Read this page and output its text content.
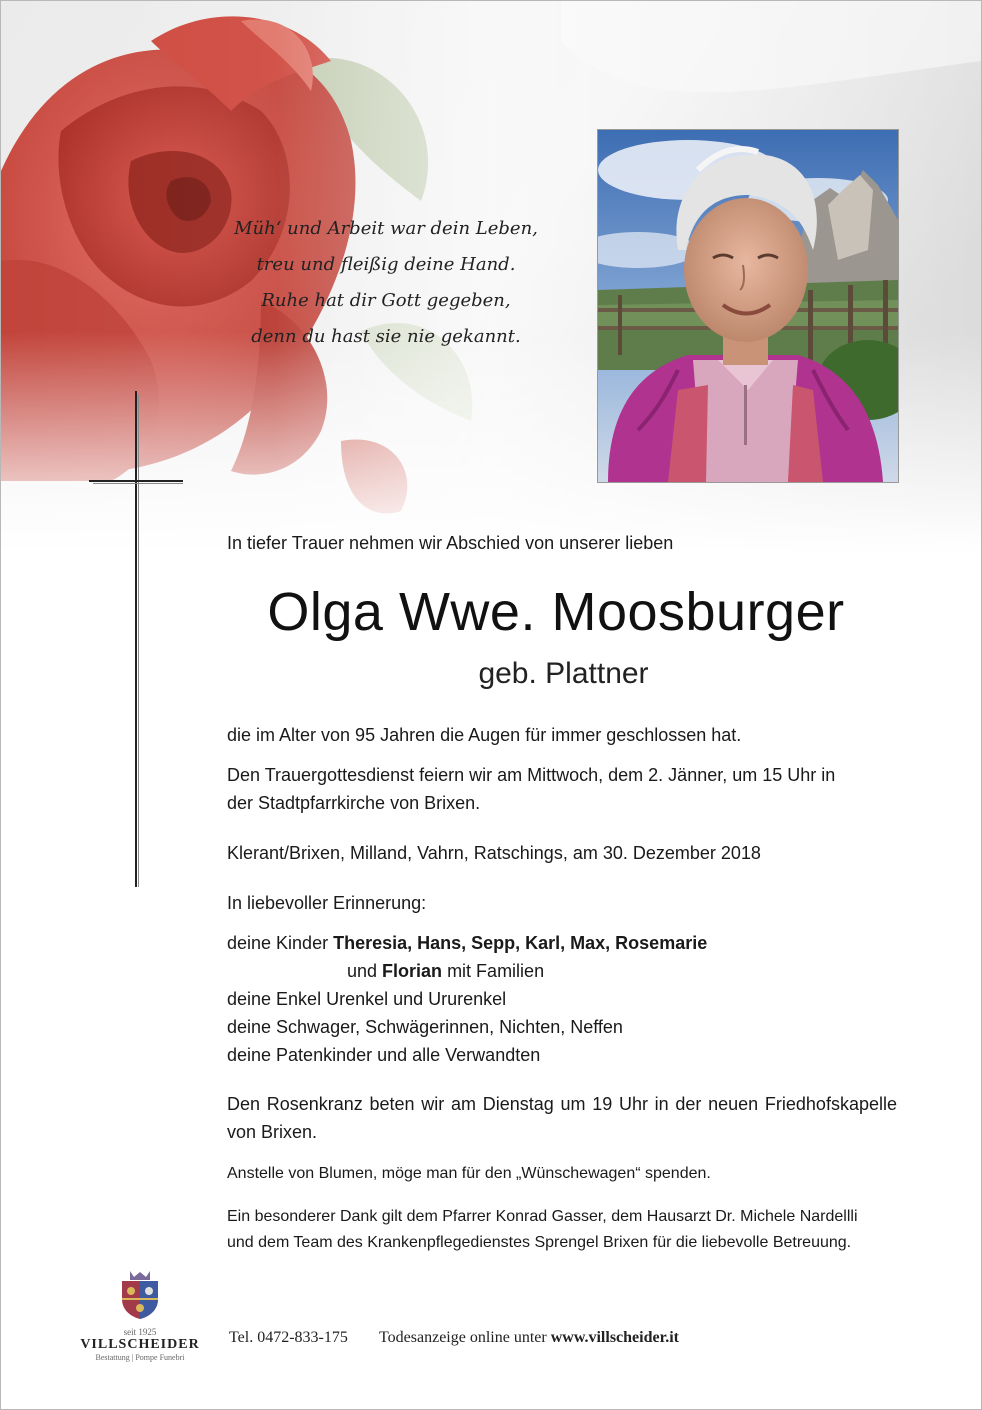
Müh‘ und Arbeit war dein Leben,
treu und fleißig deine Hand.
Ruhe hat dir Gott gegeben,
denn du hast sie nie gekannt.
In tiefer Trauer nehmen wir Abschied von unserer lieben
Olga Wwe. Moosburger
geb. Plattner
die im Alter von 95 Jahren die Augen für immer geschlossen hat.
Den Trauergottesdienst feiern wir am Mittwoch, dem 2. Jänner, um 15 Uhr in
der Stadtpfarrkirche von Brixen.
Klerant/Brixen, Milland, Vahrn, Ratschings, am 30. Dezember 2018
In liebevoller Erinnerung:
deine Kinder Theresia, Hans, Sepp, Karl, Max, Rosemarie
und Florian mit Familien
deine Enkel Urenkel und Ururenkel
deine Schwager, Schwägerinnen, Nichten, Neffen
deine Patenkinder und alle Verwandten
Den Rosenkranz beten wir am Dienstag um 19 Uhr in der neuen Friedhofskapelle von Brixen.
Anstelle von Blumen, möge man für den „Wünschewagen“ spenden.
Ein besonderer Dank gilt dem Pfarrer Konrad Gasser, dem Hausarzt Dr. Michele Nardellli und dem Team des Krankenpflegedienstes Sprengel Brixen für die liebevolle Betreuung.
seit 1925
VILLSCHEIDER
Bestattung | Pompe Funebri
Tel. 0472-833-175 Todesanzeige online unter www.villscheider.it
